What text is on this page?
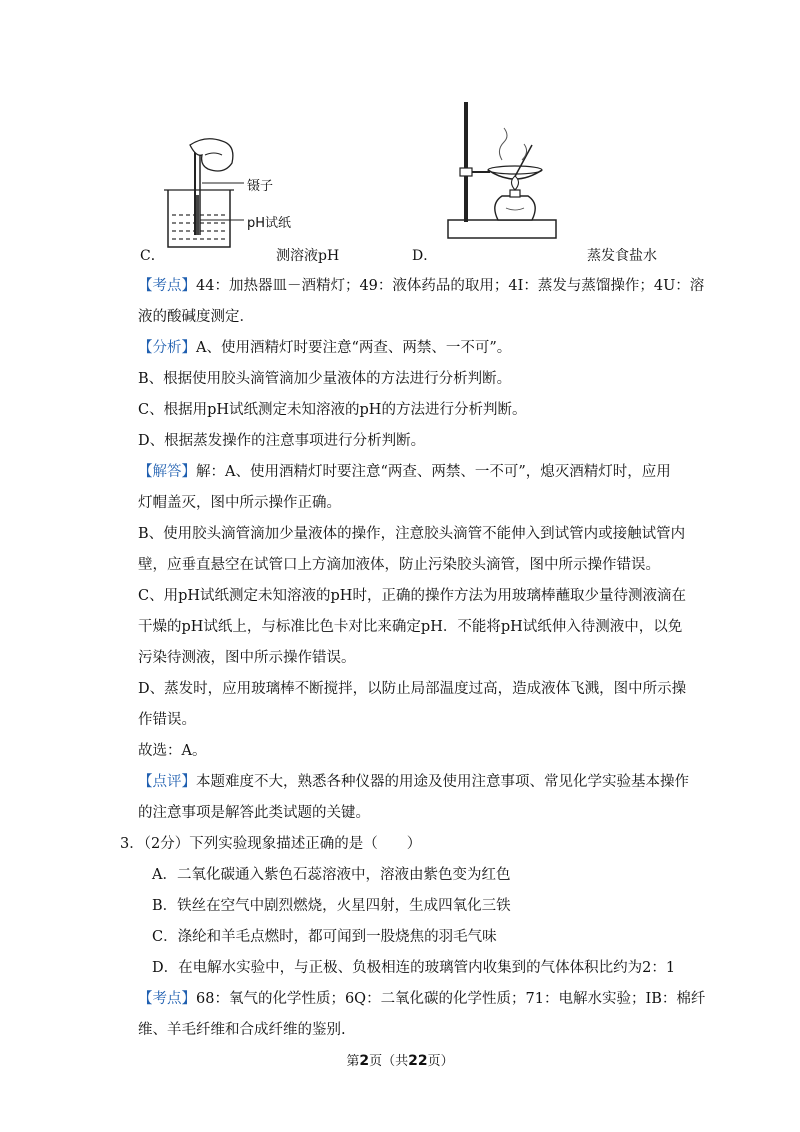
C．
镊子
pH试纸
测溶液pH	D．	蒸发食盐水
【考点】44：加热器皿－酒精灯；49：液体药品的取用；4I：蒸发与蒸馏操作；4U：溶
液的酸碱度测定．
【分析】A、使用酒精灯时要注意“两查、两禁、一不可”。
B、根据使用胶头滴管滴加少量液体的方法进行分析判断。
C、根据用pH试纸测定未知溶液的pH的方法进行分析判断。
D、根据蒸发操作的注意事项进行分析判断。
【解答】解：A、使用酒精灯时要注意“两查、两禁、一不可”，熄灭酒精灯时，应用
灯帽盖灭，图中所示操作正确。
B、使用胶头滴管滴加少量液体的操作，注意胶头滴管不能伸入到试管内或接触试管内
壁，应垂直悬空在试管口上方滴加液体，防止污染胶头滴管，图中所示操作错误。
C、用pH试纸测定未知溶液的pH时，正确的操作方法为用玻璃棒蘸取少量待测液滴在
干燥的pH试纸上，与标准比色卡对比来确定pH．不能将pH试纸伸入待测液中，以免
污染待测液，图中所示操作错误。
D、蒸发时，应用玻璃棒不断搅拌，以防止局部温度过高，造成液体飞溅，图中所示操
作错误。
故选：A。
【点评】本题难度不大，熟悉各种仪器的用途及使用注意事项、常见化学实验基本操作
的注意事项是解答此类试题的关键。
3．（2分）下列实验现象描述正确的是（　　）
A．二氧化碳通入紫色石蕊溶液中，溶液由紫色变为红色
B．铁丝在空气中剧烈燃烧，火星四射，生成四氧化三铁
C．涤纶和羊毛点燃时，都可闻到一股烧焦的羽毛气味
D．在电解水实验中，与正极、负极相连的玻璃管内收集到的气体体积比约为2：1
【考点】68：氧气的化学性质；6Q：二氧化碳的化学性质；71：电解水实验；IB：棉纤
维、羊毛纤维和合成纤维的鉴别.
第2页（共22页）
